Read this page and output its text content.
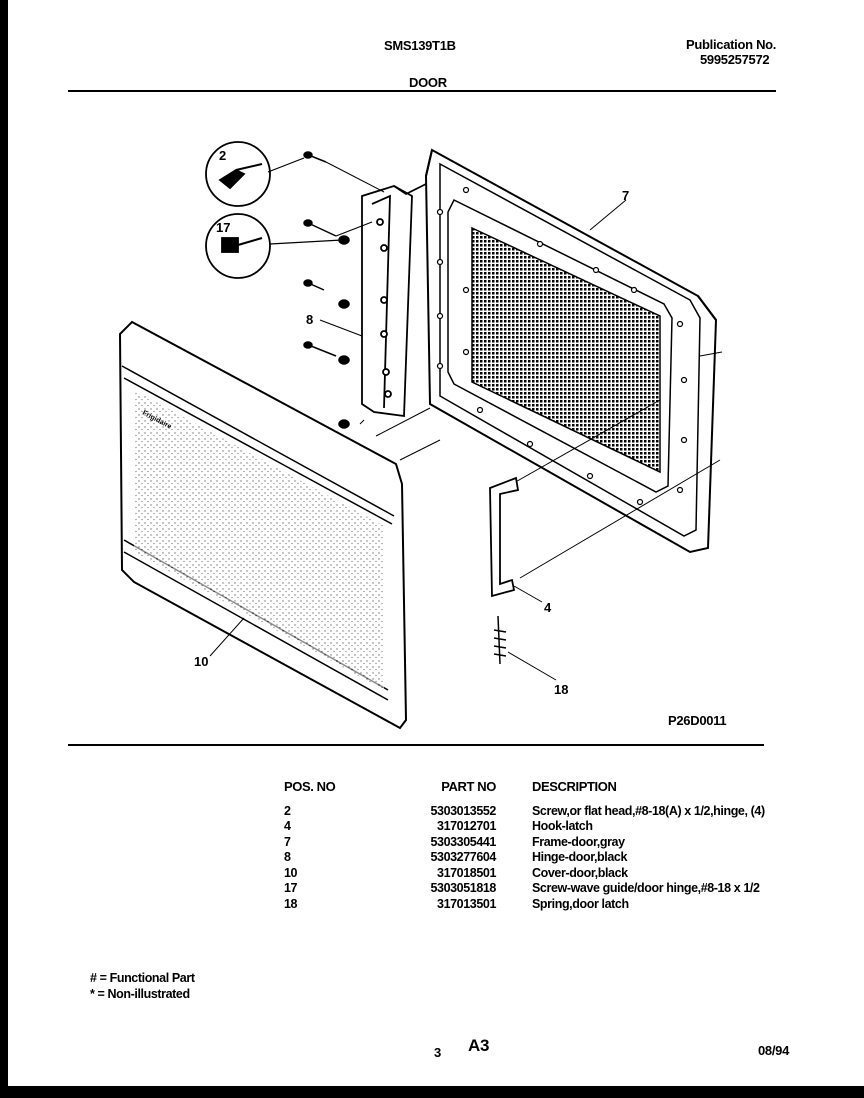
SMS139T1B	Publication No.
5995257572
DOOR
Frigidaire
2
17
7
8
10
4
18
P26D0011
POS. NO	PART NO	DESCRIPTION
2	5303013552	Screw,or flat head,#8-18(A) x 1/2,hinge, (4)
4	317012701	Hook-latch
7	5303305441	Frame-door,gray
8	5303277604	Hinge-door,black
10	317018501	Cover-door,black
17	5303051818	Screw-wave guide/door hinge,#8-18 x 1/2
18	317013501	Spring,door latch
# = Functional Part
* = Non-illustrated
3 A3	08/94
